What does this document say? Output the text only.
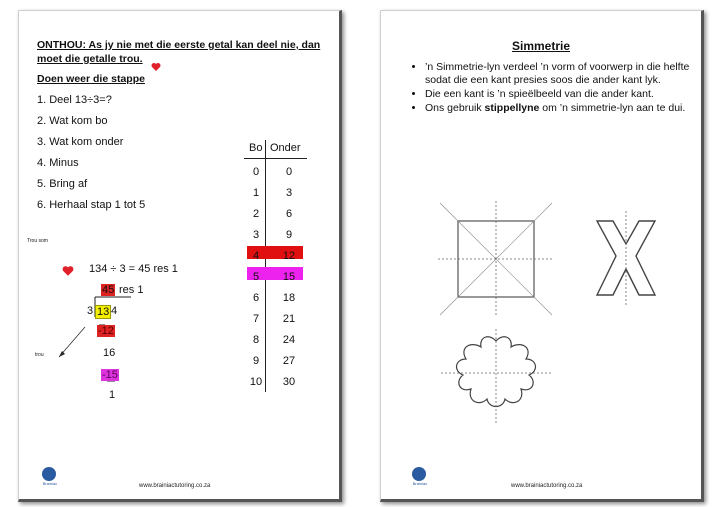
ONTHOU: As jy nie met die eerste getal kan deel nie, dan
moet die getalle trou.
Doen weer die stappe
1. Deel 13÷3=?
2. Wat kom bo
3. Wat kom onder
4. Minus
5. Bring af
6. Herhaal stap 1 tot 5
Trou som
134 ÷ 3 = 45 res 1
45 res 1
3 13 4
-12
trou	16
-15
1
Bo Onder
0	0
1	3
2	6
3	9
4	12
5	15
6	18
7	21
8	24
9	27
10	30
Brainiac	www.brainiactutoring.co.za
Simmetrie
• ’n Simmetrie-lyn verdeel ’n vorm of voorwerp in die helfte sodat die een kant presies soos die ander kant lyk.
• Die een kant is ’n spieëlbeeld van die ander kant.
• Ons gebruik stippellyne om ’n simmetrie-lyn aan te dui.
Brainiac	www.brainiactutoring.co.za
